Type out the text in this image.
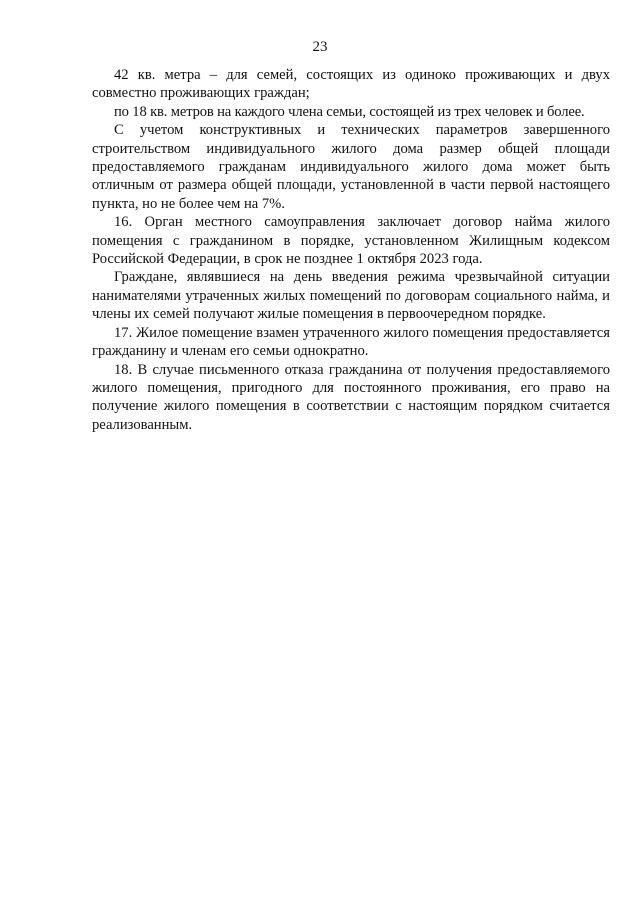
23

42 кв. метра – для семей, состоящих из одиноко проживающих и двух совместно проживающих граждан;

по 18 кв. метров на каждого члена семьи, состоящей из трех человек и более.

С учетом конструктивных и технических параметров завершенного строительством индивидуального жилого дома размер общей площади предоставляемого гражданам индивидуального жилого дома может быть отличным от размера общей площади, установленной в части первой настоящего пункта, но не более чем на 7%.

16. Орган местного самоуправления заключает договор найма жилого помещения с гражданином в порядке, установленном Жилищным кодексом Российской Федерации, в срок не позднее 1 октября 2023 года.

Граждане, являвшиеся на день введения режима чрезвычайной ситуации нанимателями утраченных жилых помещений по договорам социального найма, и члены их семей получают жилые помещения в первоочередном порядке.

17. Жилое помещение взамен утраченного жилого помещения предоставляется гражданину и членам его семьи однократно.

18. В случае письменного отказа гражданина от получения предоставляемого жилого помещения, пригодного для постоянного проживания, его право на получение жилого помещения в соответствии с настоящим порядком считается реализованным.
